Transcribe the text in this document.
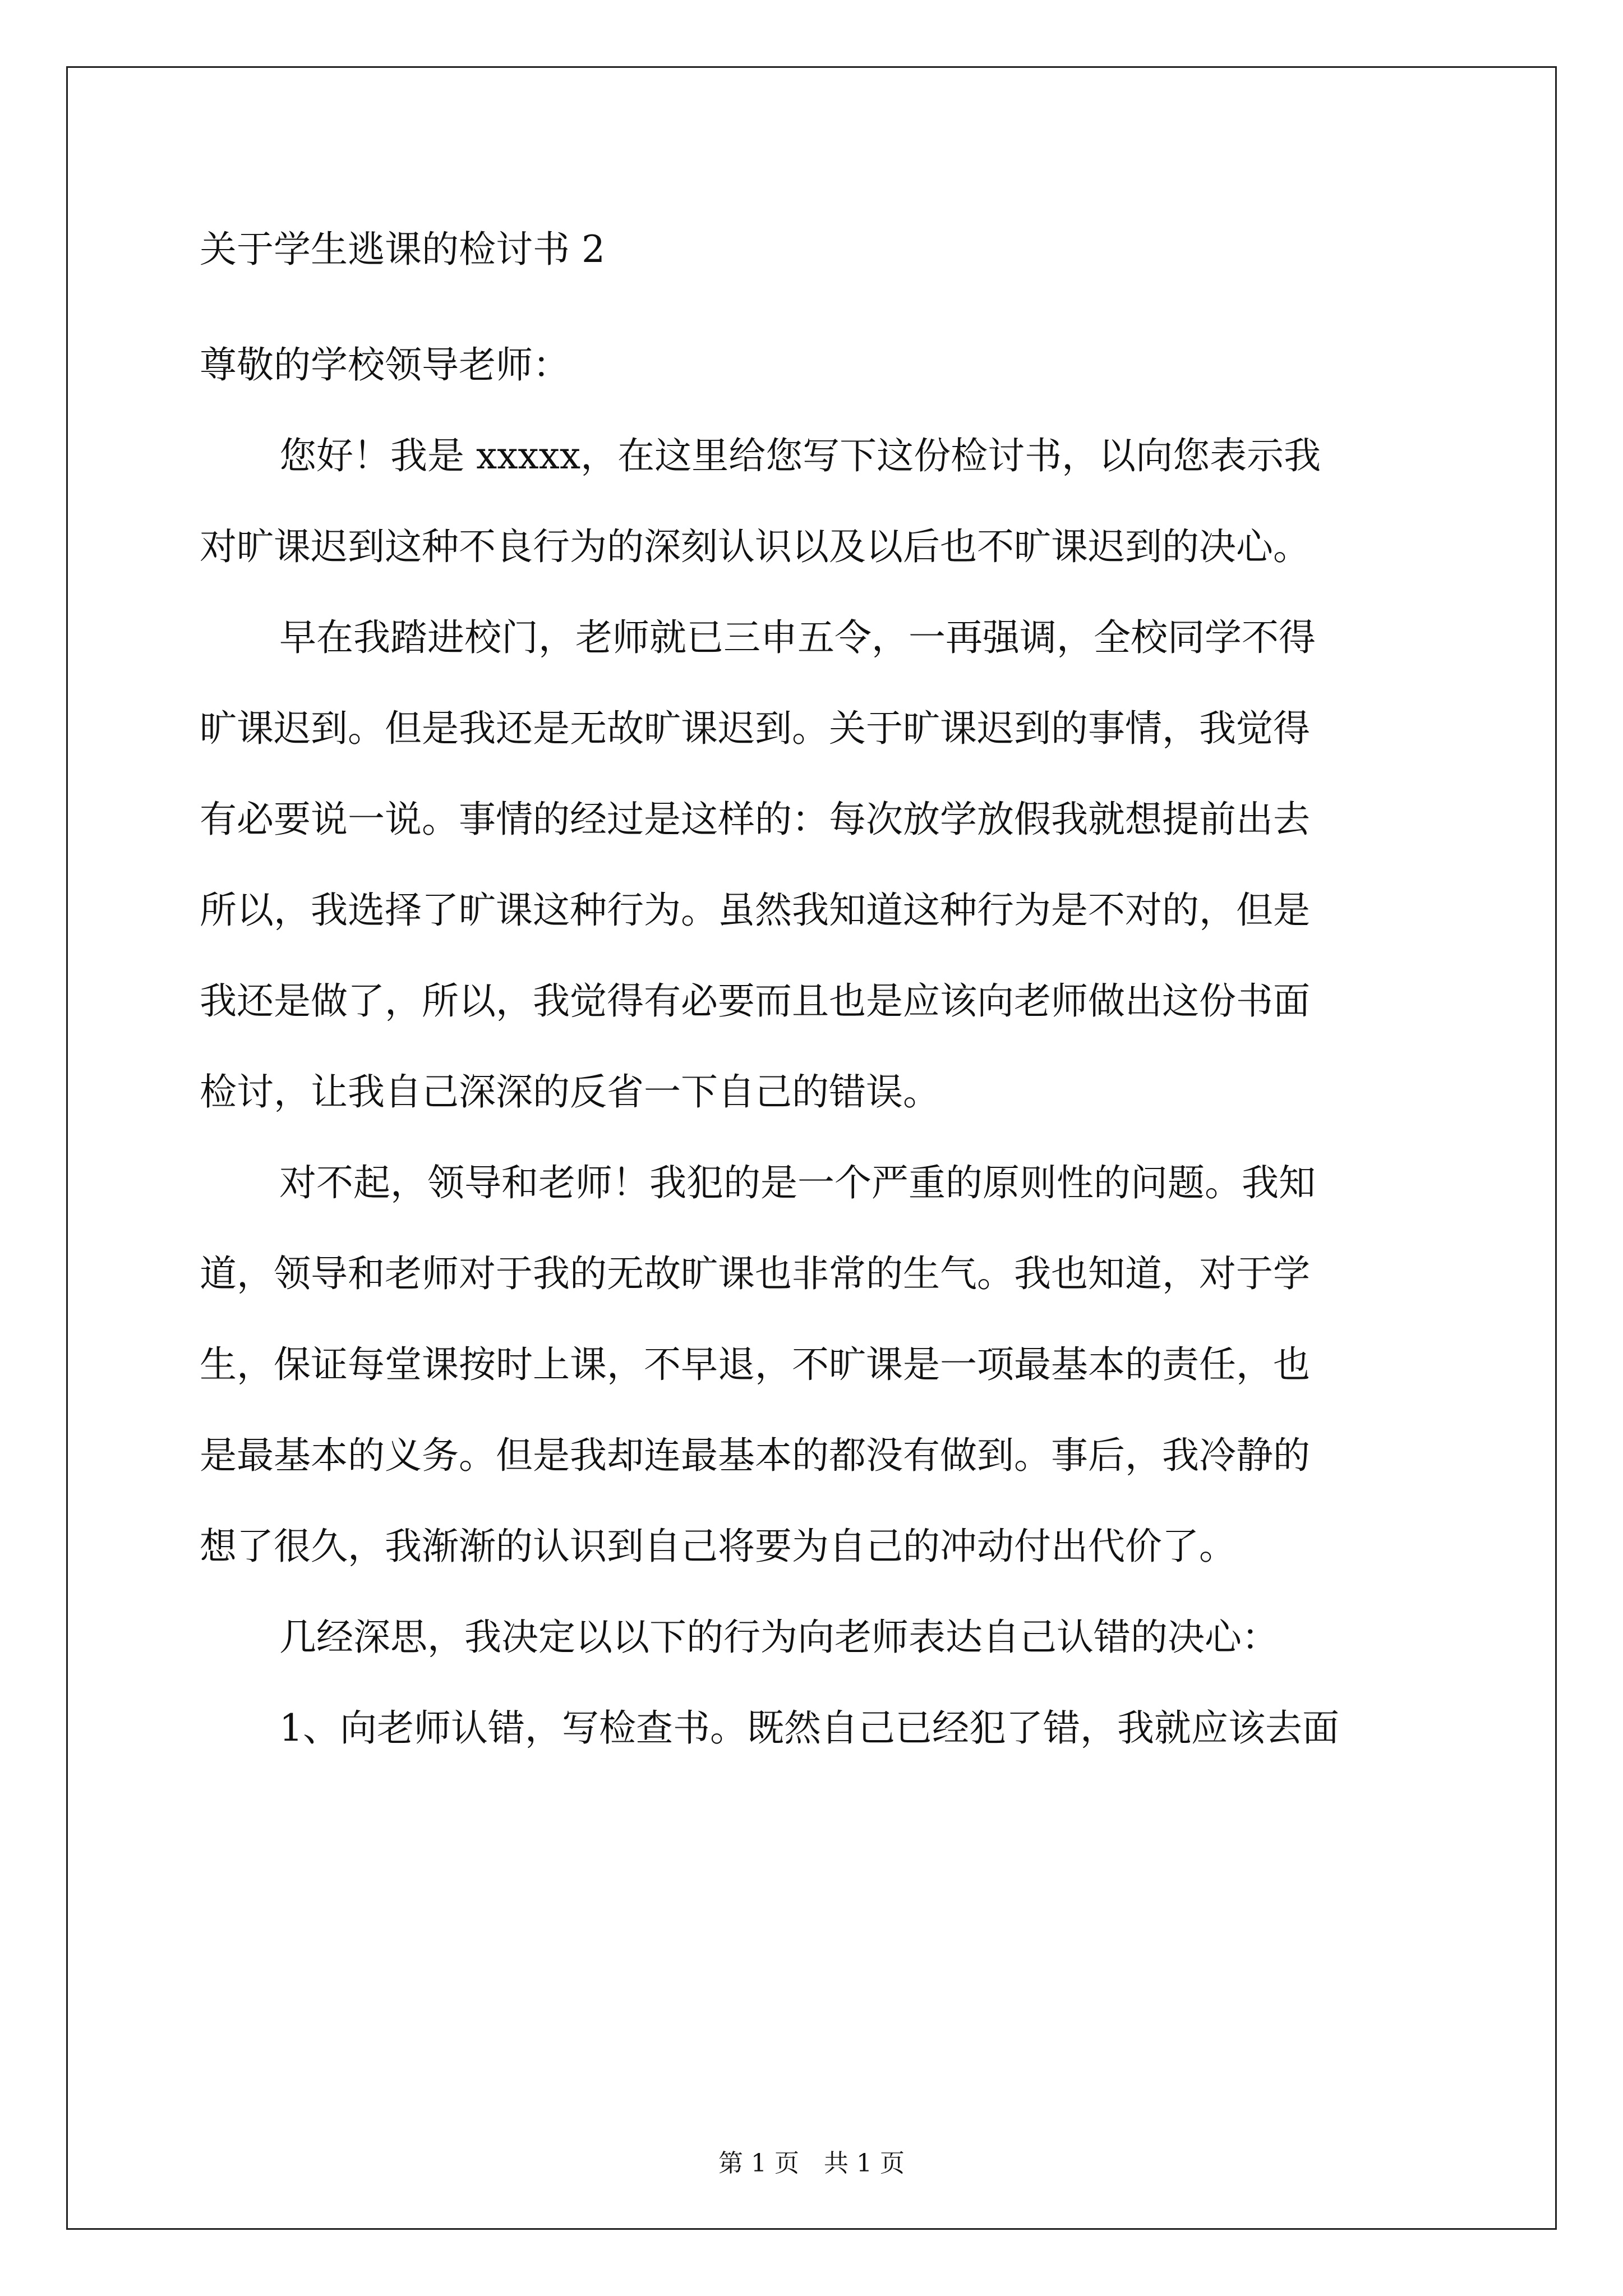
关于学生逃课的检讨书 2
尊敬的学校领导老师：
您好！我是 xxxxx，在这里给您写下这份检讨书，以向您表示我
对旷课迟到这种不良行为的深刻认识以及以后也不旷课迟到的决心。
早在我踏进校门，老师就已三申五令，一再强调，全校同学不得
旷课迟到。但是我还是无故旷课迟到。关于旷课迟到的事情，我觉得
有必要说一说。事情的经过是这样的：每次放学放假我就想提前出去
所以，我选择了旷课这种行为。虽然我知道这种行为是不对的，但是
我还是做了，所以，我觉得有必要而且也是应该向老师做出这份书面
检讨，让我自己深深的反省一下自己的错误。
对不起，领导和老师！我犯的是一个严重的原则性的问题。我知
道，领导和老师对于我的无故旷课也非常的生气。我也知道，对于学
生，保证每堂课按时上课，不早退，不旷课是一项最基本的责任，也
是最基本的义务。但是我却连最基本的都没有做到。事后，我冷静的
想了很久，我渐渐的认识到自己将要为自己的冲动付出代价了。
几经深思，我决定以以下的行为向老师表达自己认错的决心：
1、向老师认错，写检查书。既然自己已经犯了错，我就应该去面
第 1 页　共 1 页
